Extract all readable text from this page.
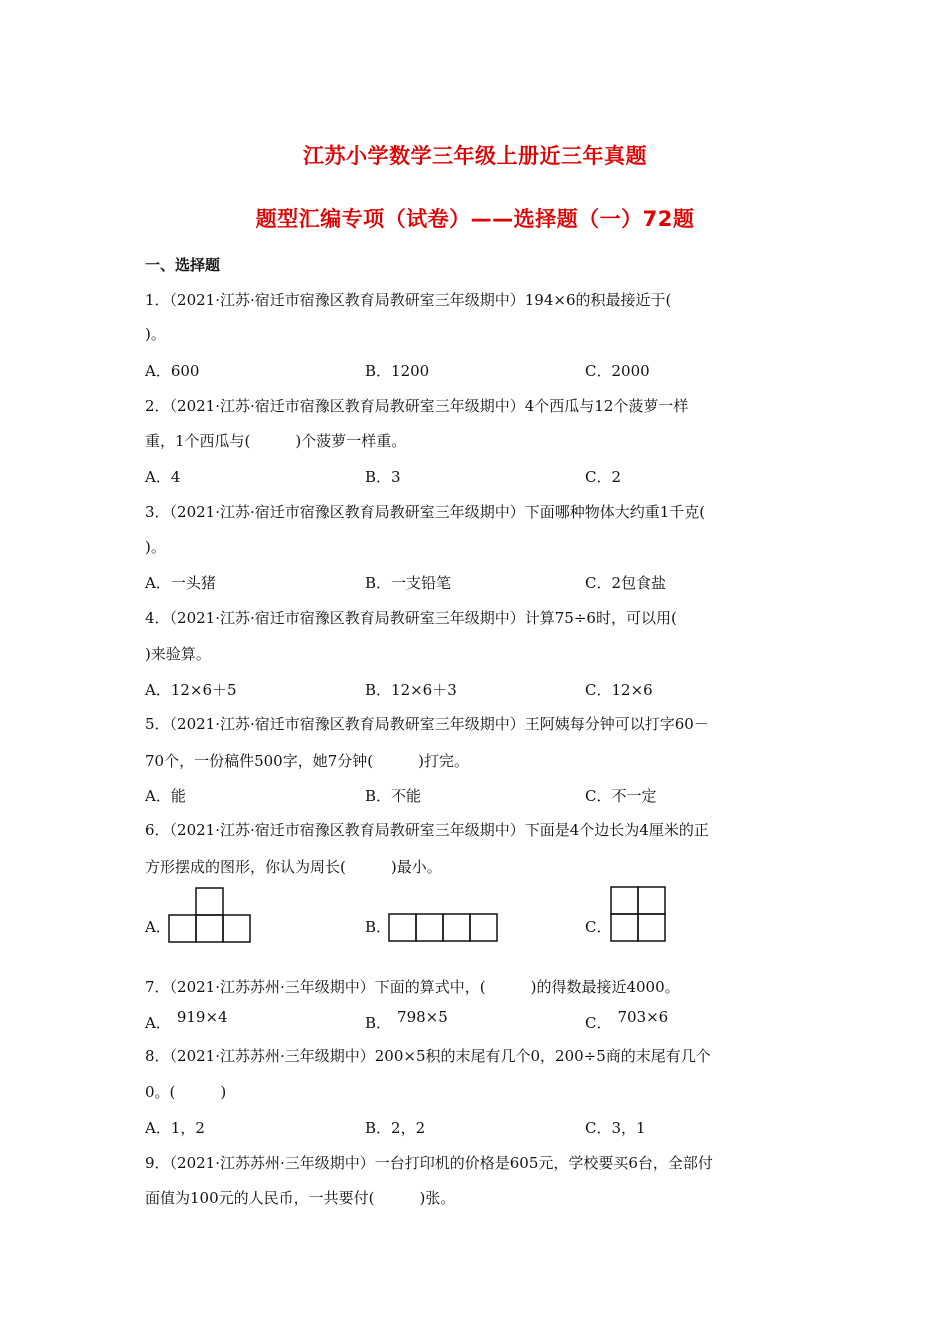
江苏小学数学三年级上册近三年真题
题型汇编专项（试卷）——选择题（一）72题
一、选择题
1．（2021·江苏·宿迁市宿豫区教育局教研室三年级期中）194×6的积最接近于(
)。
A．600	B．1200	C．2000
2．（2021·江苏·宿迁市宿豫区教育局教研室三年级期中）4个西瓜与12个菠萝一样
重，1个西瓜与(　　　)个菠萝一样重。
A．4	B．3	C．2
3．（2021·江苏·宿迁市宿豫区教育局教研室三年级期中）下面哪种物体大约重1千克(
)。
A．一头猪	B．一支铅笔	C．2包食盐
4．（2021·江苏·宿迁市宿豫区教育局教研室三年级期中）计算75÷6时，可以用(
)来验算。
A．12×6＋5	B．12×6＋3	C．12×6
5．（2021·江苏·宿迁市宿豫区教育局教研室三年级期中）王阿姨每分钟可以打字60－
70个，一份稿件500字，她7分钟(　　　)打完。
A．能	B．不能	C．不一定
6．（2021·江苏·宿迁市宿豫区教育局教研室三年级期中）下面是4个边长为4厘米的正
方形摆成的图形，你认为周长(　　　)最小。
A．	B．	C．
7．（2021·江苏苏州·三年级期中）下面的算式中，(　　　)的得数最接近4000。
A． 919×4	B． 798×5	C． 703×6
8．（2021·江苏苏州·三年级期中）200×5积的末尾有几个0，200÷5商的末尾有几个
0。(　　　)
A．1，2	B．2，2	C．3，1
9．（2021·江苏苏州·三年级期中）一台打印机的价格是605元，学校要买6台，全部付
面值为100元的人民币，一共要付(　　　)张。
